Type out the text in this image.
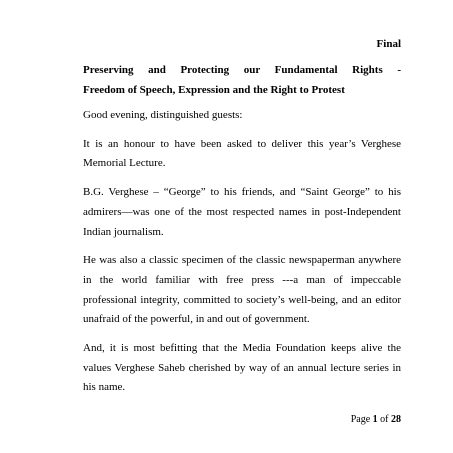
Final

Preserving and Protecting our Fundamental Rights -
Freedom of Speech, Expression and the Right to Protest

Good evening, distinguished guests:

It is an honour to have been asked to deliver this year’s Verghese Memorial Lecture.

B.G. Verghese – “George” to his friends, and “Saint George” to his admirers—was one of the most respected names in post-Independent Indian journalism.

He was also a classic specimen of the classic newspaperman anywhere in the world familiar with free press ---a man of impeccable professional integrity, committed to society’s well-being, and an editor unafraid of the powerful, in and out of government.

And, it is most befitting that the Media Foundation keeps alive the values Verghese Saheb cherished by way of an annual lecture series in his name.

Page 1 of 28
